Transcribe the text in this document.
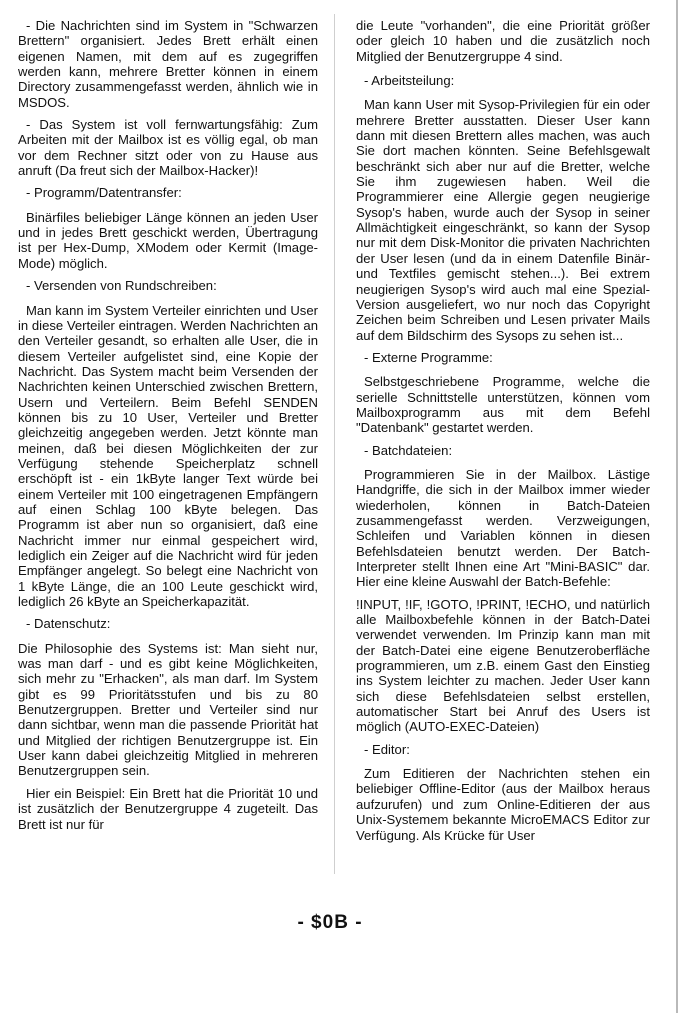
- Die Nachrichten sind im System in "Schwarzen Brettern" organisiert. Jedes Brett erhält einen eigenen Namen, mit dem auf es zugegriffen werden kann, mehrere Bretter können in einem Directory zusammengefasst werden, ähnlich wie in MSDOS.

- Das System ist voll fernwartungsfähig: Zum Arbeiten mit der Mailbox ist es völlig egal, ob man vor dem Rechner sitzt oder von zu Hause aus anruft (Da freut sich der Mailbox-Hacker)!

- Programm/Datentransfer:

Binärfiles beliebiger Länge können an jeden User und in jedes Brett geschickt werden, Übertragung ist per Hex-Dump, XModem oder Kermit (Image-Mode) möglich.

- Versenden von Rundschreiben:

Man kann im System Verteiler einrichten und User in diese Verteiler eintragen. Werden Nachrichten an den Verteiler gesandt, so erhalten alle User, die in diesem Verteiler aufgelistet sind, eine Kopie der Nachricht. Das System macht beim Versenden der Nachrichten keinen Unterschied zwischen Brettern, Usern und Verteilern. Beim Befehl SENDEN können bis zu 10 User, Verteiler und Bretter gleichzeitig angegeben werden. Jetzt könnte man meinen, daß bei diesen Möglichkeiten der zur Verfügung stehende Speicherplatz schnell erschöpft ist - ein 1kByte langer Text würde bei einem Verteiler mit 100 eingetragenen Empfängern auf einen Schlag 100 kByte belegen. Das Programm ist aber nun so organisiert, daß eine Nachricht immer nur einmal gespeichert wird, lediglich ein Zeiger auf die Nachricht wird für jeden Empfänger angelegt. So belegt eine Nachricht von 1 kByte Länge, die an 100 Leute geschickt wird, lediglich 26 kByte an Speicherkapazität.

- Datenschutz:

Die Philosophie des Systems ist: Man sieht nur, was man darf - und es gibt keine Möglichkeiten, sich mehr zu "Erhacken", als man darf. Im System gibt es 99 Prioritätsstufen und bis zu 80 Benutzergruppen. Bretter und Verteiler sind nur dann sichtbar, wenn man die passende Priorität hat und Mitglied der richtigen Benutzergruppe ist. Ein User kann dabei gleichzeitig Mitglied in mehreren Benutzergruppen sein.

Hier ein Beispiel: Ein Brett hat die Priorität 10 und ist zusätzlich der Benutzergruppe 4 zugeteilt. Das Brett ist nur für

die Leute "vorhanden", die eine Priorität größer oder gleich 10 haben und die zusätzlich noch Mitglied der Benutzergruppe 4 sind.

- Arbeitsteilung:

Man kann User mit Sysop-Privilegien für ein oder mehrere Bretter ausstatten. Dieser User kann dann mit diesen Brettern alles machen, was auch Sie dort machen könnten. Seine Befehlsgewalt beschränkt sich aber nur auf die Bretter, welche Sie ihm zugewiesen haben. Weil die Programmierer eine Allergie gegen neugierige Sysop's haben, wurde auch der Sysop in seiner Allmächtigkeit eingeschränkt, so kann der Sysop nur mit dem Disk-Monitor die privaten Nachrichten der User lesen (und da in einem Datenfile Binär- und Textfiles gemischt stehen...). Bei extrem neugierigen Sysop's wird auch mal eine Spezial-Version ausgeliefert, wo nur noch das Copyright Zeichen beim Schreiben und Lesen privater Mails auf dem Bildschirm des Sysops zu sehen ist...

- Externe Programme:

Selbstgeschriebene Programme, welche die serielle Schnittstelle unterstützen, können vom Mailboxprogramm aus mit dem Befehl "Datenbank" gestartet werden.

- Batchdateien:

Programmieren Sie in der Mailbox. Lästige Handgriffe, die sich in der Mailbox immer wieder wiederholen, können in Batch-Dateien zusammengefasst werden. Verzweigungen, Schleifen und Variablen können in diesen Befehlsdateien benutzt werden. Der Batch-Interpreter stellt Ihnen eine Art "Mini-BASIC" dar. Hier eine kleine Auswahl der Batch-Befehle:

!INPUT, !IF, !GOTO, !PRINT, !ECHO, und natürlich alle Mailboxbefehle können in der Batch-Datei verwendet verwenden. Im Prinzip kann man mit der Batch-Datei eine eigene Benutzeroberfläche programmieren, um z.B. einem Gast den Einstieg ins System leichter zu machen. Jeder User kann sich diese Befehlsdateien selbst erstellen, automatischer Start bei Anruf des Users ist möglich (AUTO-EXEC-Dateien)

- Editor:

Zum Editieren der Nachrichten stehen ein beliebiger Offline-Editor (aus der Mailbox heraus aufzurufen) und zum Online-Editieren der aus Unix-Systemem bekannte MicroEMACS Editor zur Verfügung. Als Krücke für User

- $0B -
